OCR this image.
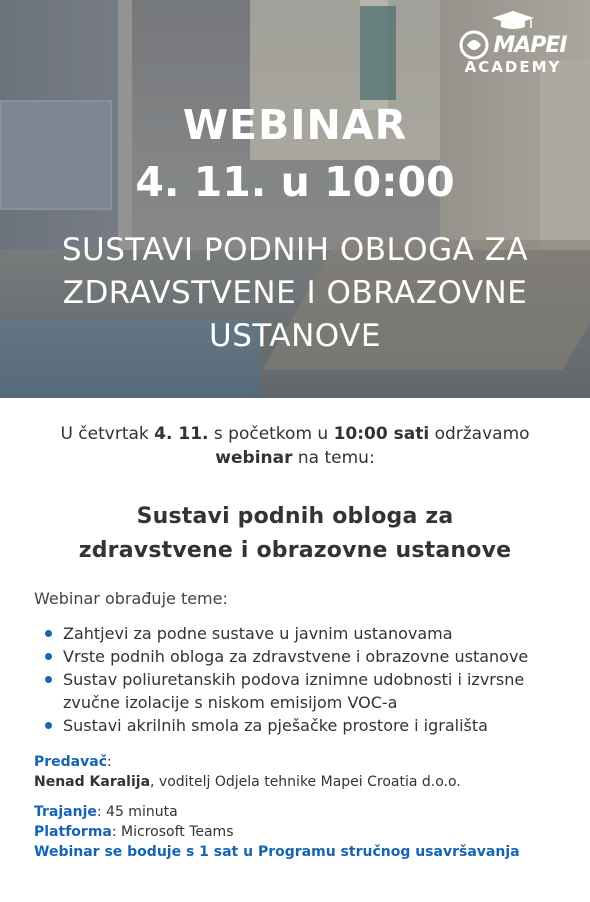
MAPEI
ACADEMY
WEBINAR
4. 11. u 10:00
SUSTAVI PODNIH OBLOGA ZA
ZDRAVSTVENE I OBRAZOVNE
USTANOVE

U četvrtak 4. 11. s početkom u 10:00 sati održavamo
webinar na temu:

Sustavi podnih obloga za
zdravstvene i obrazovne ustanove

Webinar obrađuje teme:

Zahtjevi za podne sustave u javnim ustanovama
Vrste podnih obloga za zdravstvene i obrazovne ustanove
Sustav poliuretanskih podova iznimne udobnosti i izvrsne zvučne izolacije s niskom emisijom VOC-a
Sustavi akrilnih smola za pješačke prostore i igrališta
Predavač:
Nenad Karalija, voditelj Odjela tehnike Mapei Croatia d.o.o.
Trajanje: 45 minuta
Platforma: Microsoft Teams
Webinar se boduje s 1 sat u Programu stručnog usavršavanja
